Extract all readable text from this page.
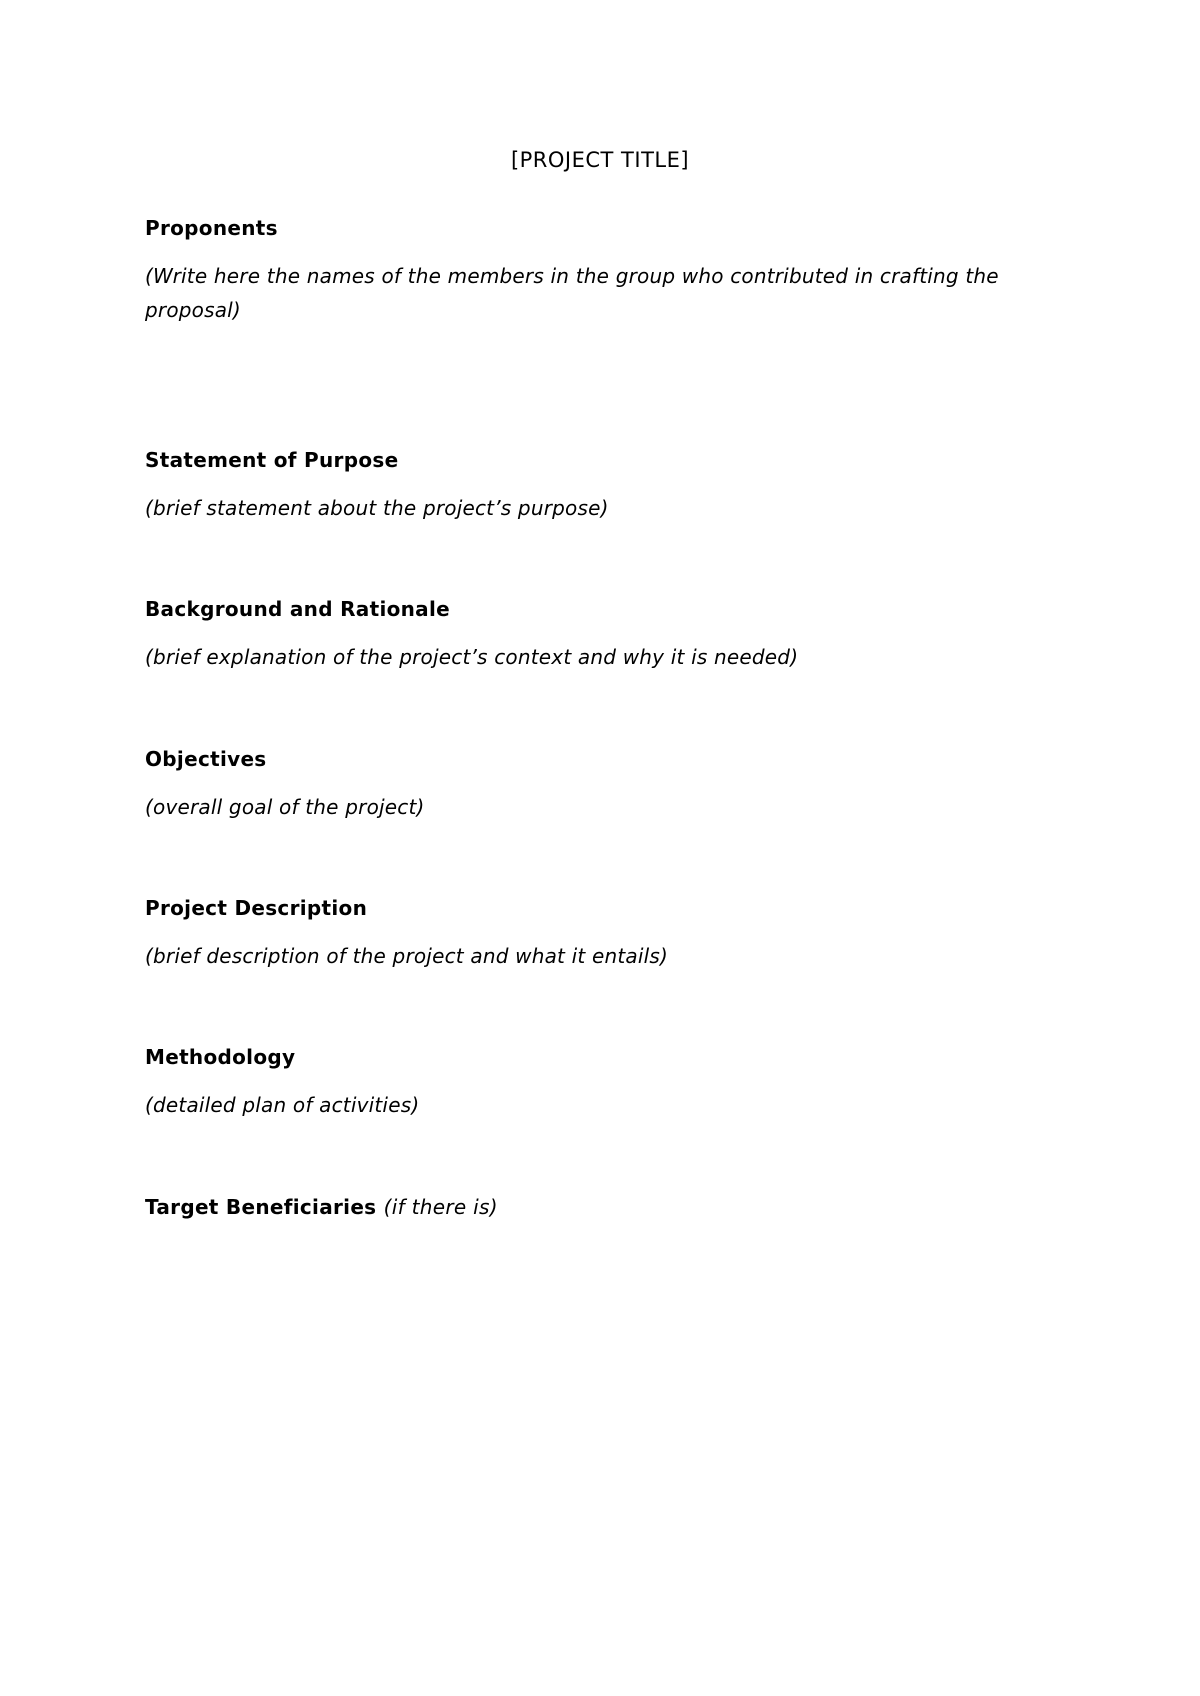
[PROJECT TITLE]
Proponents
(Write here the names of the members in the group who contributed in crafting the proposal)
Statement of Purpose
(brief statement about the project’s purpose)
Background and Rationale
(brief explanation of the project’s context and why it is needed)
Objectives
(overall goal of the project)
Project Description
(brief description of the project and what it entails)
Methodology
(detailed plan of activities)
Target Beneficiaries (if there is)
